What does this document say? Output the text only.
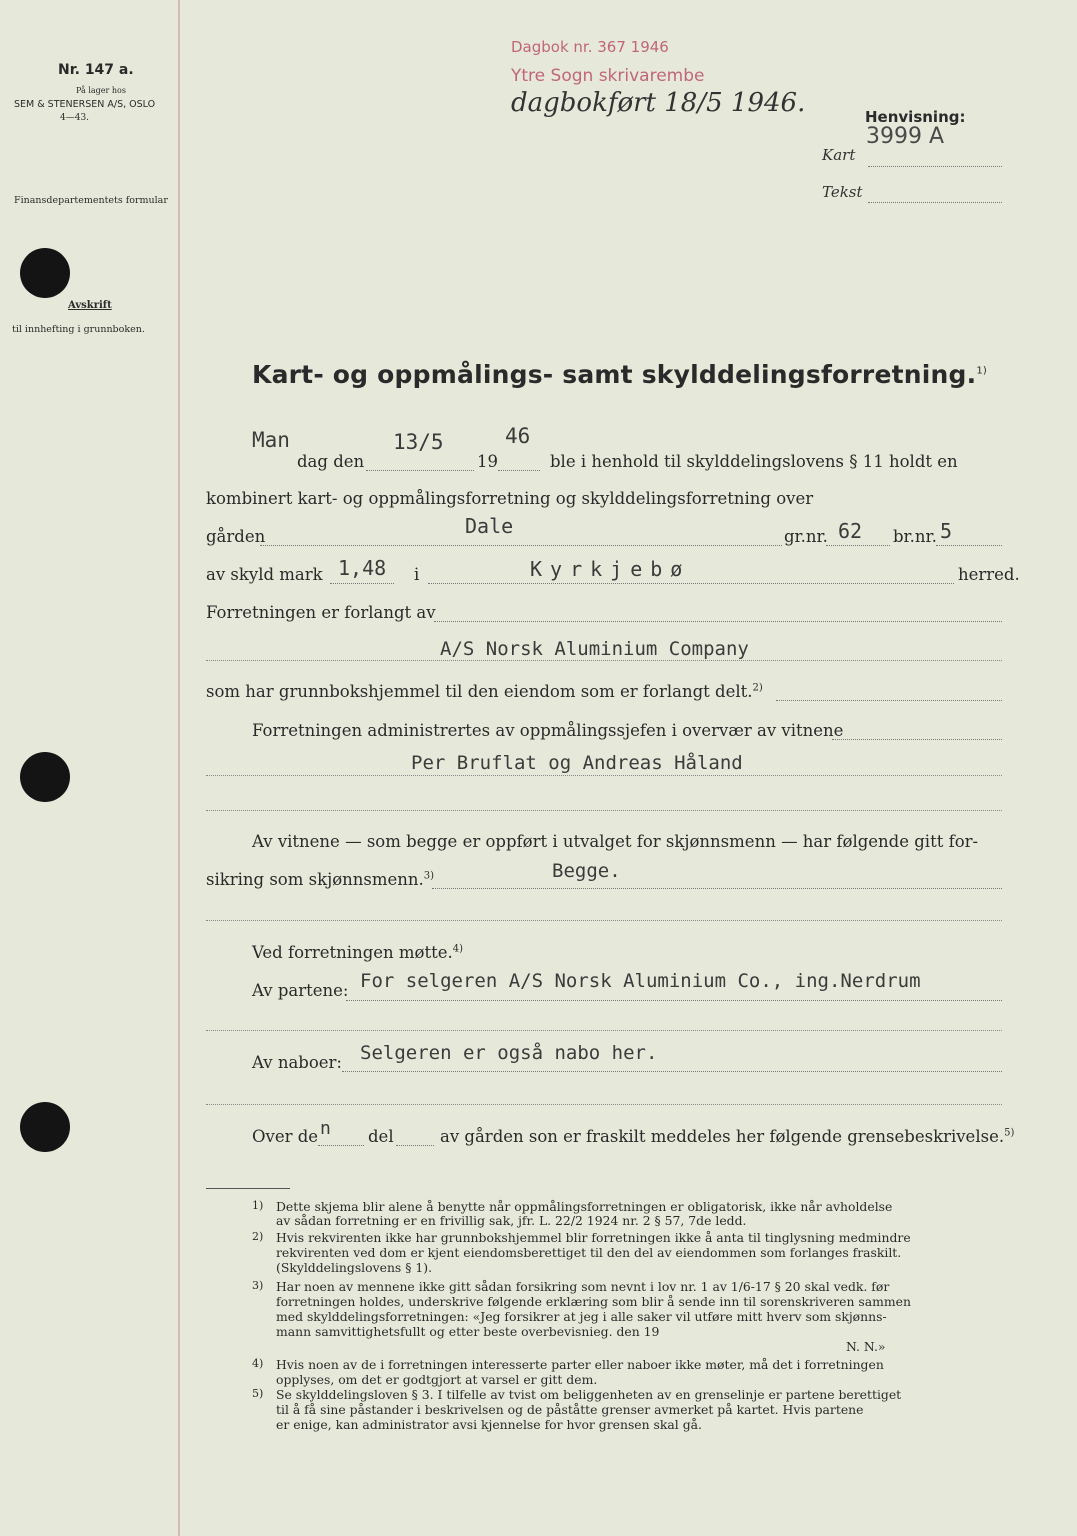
Nr. 147 a.
På lager hos
SEM & STENERSEN A/S, OSLO
4—43.
Finansdepartementets formular
Avskrift
til innhefting i grunnboken.
Dagbok nr. 367 1946
Ytre Sogn skrivarembe
dagbokført 18/5 1946.	Henvisning:
3999 A
Kart
Tekst
Kart- og oppmålings- samt skylddelingsforretning.$^{1)}$
Man
dag den
13/5
19
46
ble i henhold til skylddelingslovens § 11 holdt en
kombinert kart- og oppmålingsforretning og skylddelingsforretning over
gården	Dale	gr.nr. 62 br.nr. 5
av skyld mark 1,48 i	Kyrkjebø	herred.
Forretningen er forlangt av
A/S Norsk Aluminium Company
som har grunnbokshjemmel til den eiendom som er forlangt delt.$^{2)}$
Forretningen administrertes av oppmålingssjefen i overvær av vitnene
Per Bruflat og Andreas Håland
Av vitnene — som begge er oppført i utvalget for skjønnsmenn — har følgende gitt for-
sikring som skjønnsmenn.$^{3)}$	Begge.
Ved forretningen møtte.$^{4)}$
Av partene: For selgeren A/S Norsk Aluminium Co., ing.Nerdrum
Av naboer: Selgeren er også nabo her.
Over de n del	av gården son er fraskilt meddeles her følgende grensebeskrivelse.$^{5)}$
1) Dette skjema blir alene å benytte når oppmålingsforretningen er obligatorisk, ikke når avholdelse
av sådan forretning er en frivillig sak, jfr. L. 22/2 1924 nr. 2 § 57, 7de ledd.
2) Hvis rekvirenten ikke har grunnbokshjemmel blir forretningen ikke å anta til tinglysning medmindre
rekvirenten ved dom er kjent eiendomsberettiget til den del av eiendommen som forlanges fraskilt.
(Skylddelingslovens § 1).
3) Har noen av mennene ikke gitt sådan forsikring som nevnt i lov nr. 1 av 1/6-17 § 20 skal vedk. før
forretningen holdes, underskrive følgende erklæring som blir å sende inn til sorenskriveren sammen
med skylddelingsforretningen: «Jeg forsikrer at jeg i alle saker vil utføre mitt hverv som skjønns-
mann samvittighetsfullt og etter beste overbevisnieg. den 19
N. N.»
4) Hvis noen av de i forretningen interesserte parter eller naboer ikke møter, må det i forretningen
opplyses, om det er godtgjort at varsel er gitt dem.
5) Se skylddelingsloven § 3. I tilfelle av tvist om beliggenheten av en grenselinje er partene berettiget
til å få sine påstander i beskrivelsen og de påståtte grenser avmerket på kartet. Hvis partene
er enige, kan administrator avsi kjennelse for hvor grensen skal gå.
